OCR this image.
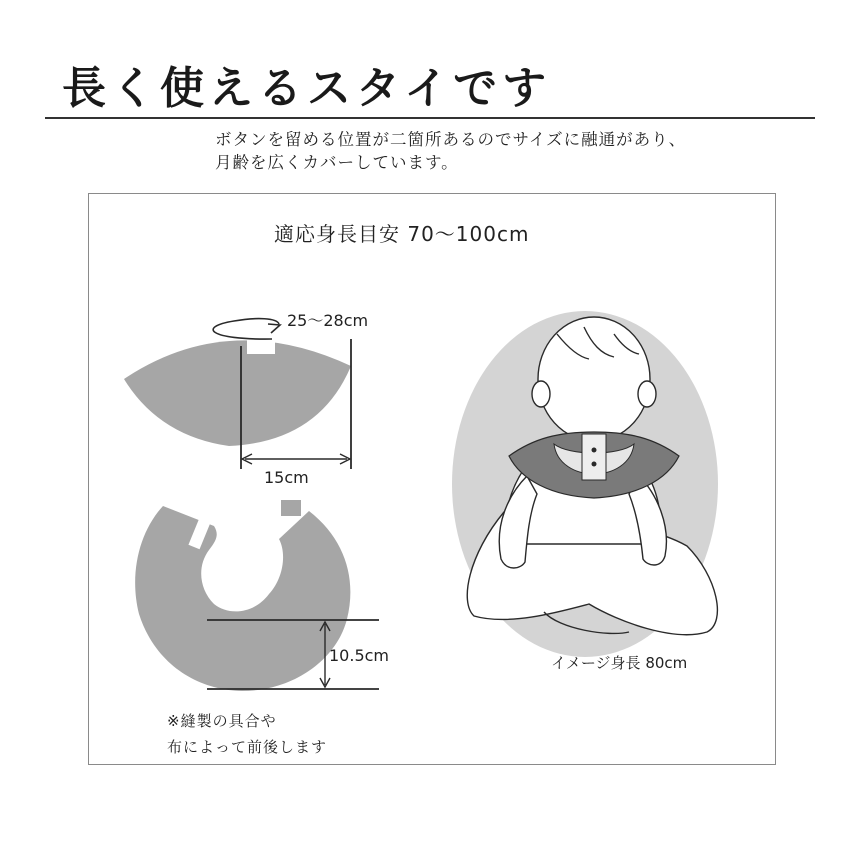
長く使えるスタイです
ボタンを留める位置が二箇所あるのでサイズに融通があり、
月齢を広くカバーしています。
適応身長目安 70〜100cm
25〜28cm
15cm
10.5cm
※縫製の具合や
布によって前後します
イメージ身長 80cm
